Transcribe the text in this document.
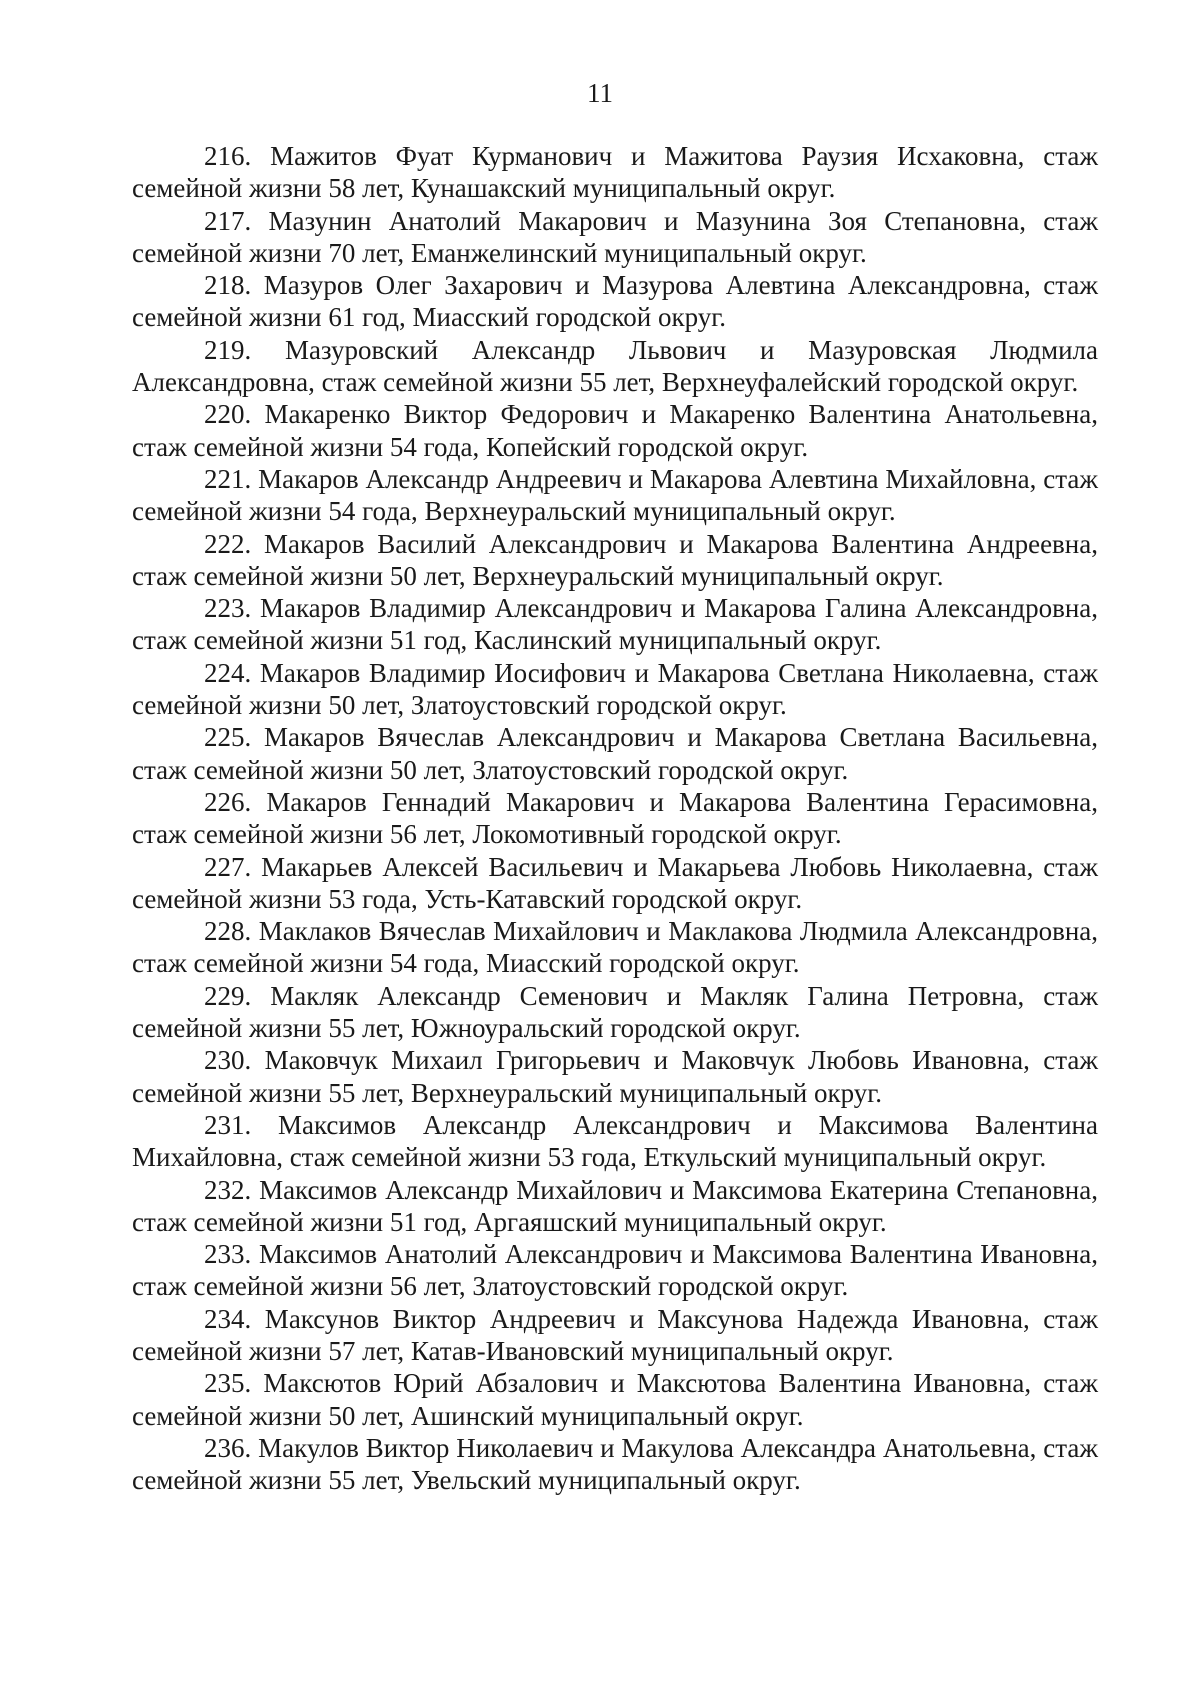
11

216. Мажитов Фуат Курманович и Мажитова Раузия Исхаковна, стаж семейной жизни 58 лет, Кунашакский муниципальный округ.

217. Мазунин Анатолий Макарович и Мазунина Зоя Степановна, стаж семейной жизни 70 лет, Еманжелинский муниципальный округ.

218. Мазуров Олег Захарович и Мазурова Алевтина Александровна, стаж семейной жизни 61 год, Миасский городской округ.

219. Мазуровский Александр Львович и Мазуровская Людмила Александровна, стаж семейной жизни 55 лет, Верхнеуфалейский городской округ.

220. Макаренко Виктор Федорович и Макаренко Валентина Анатольевна, стаж семейной жизни 54 года, Копейский городской округ.

221. Макаров Александр Андреевич и Макарова Алевтина Михайловна, стаж семейной жизни 54 года, Верхнеуральский муниципальный округ.

222. Макаров Василий Александрович и Макарова Валентина Андреевна, стаж семейной жизни 50 лет, Верхнеуральский муниципальный округ.

223. Макаров Владимир Александрович и Макарова Галина Александровна, стаж семейной жизни 51 год, Каслинский муниципальный округ.

224. Макаров Владимир Иосифович и Макарова Светлана Николаевна, стаж семейной жизни 50 лет, Златоустовский городской округ.

225. Макаров Вячеслав Александрович и Макарова Светлана Васильевна, стаж семейной жизни 50 лет, Златоустовский городской округ.

226. Макаров Геннадий Макарович и Макарова Валентина Герасимовна, стаж семейной жизни 56 лет, Локомотивный городской округ.

227. Макарьев Алексей Васильевич и Макарьева Любовь Николаевна, стаж семейной жизни 53 года, Усть-Катавский городской округ.

228. Маклаков Вячеслав Михайлович и Маклакова Людмила Александровна, стаж семейной жизни 54 года, Миасский городской округ.

229. Макляк Александр Семенович и Макляк Галина Петровна, стаж семейной жизни 55 лет, Южноуральский городской округ.

230. Маковчук Михаил Григорьевич и Маковчук Любовь Ивановна, стаж семейной жизни 55 лет, Верхнеуральский муниципальный округ.

231. Максимов Александр Александрович и Максимова Валентина Михайловна, стаж семейной жизни 53 года, Еткульский муниципальный округ.

232. Максимов Александр Михайлович и Максимова Екатерина Степановна, стаж семейной жизни 51 год, Аргаяшский муниципальный округ.

233. Максимов Анатолий Александрович и Максимова Валентина Ивановна, стаж семейной жизни 56 лет, Златоустовский городской округ.

234. Максунов Виктор Андреевич и Максунова Надежда Ивановна, стаж семейной жизни 57 лет, Катав-Ивановский муниципальный округ.

235. Максютов Юрий Абзалович и Максютова Валентина Ивановна, стаж семейной жизни 50 лет, Ашинский муниципальный округ.

236. Макулов Виктор Николаевич и Макулова Александра Анатольевна, стаж семейной жизни 55 лет, Увельский муниципальный округ.
